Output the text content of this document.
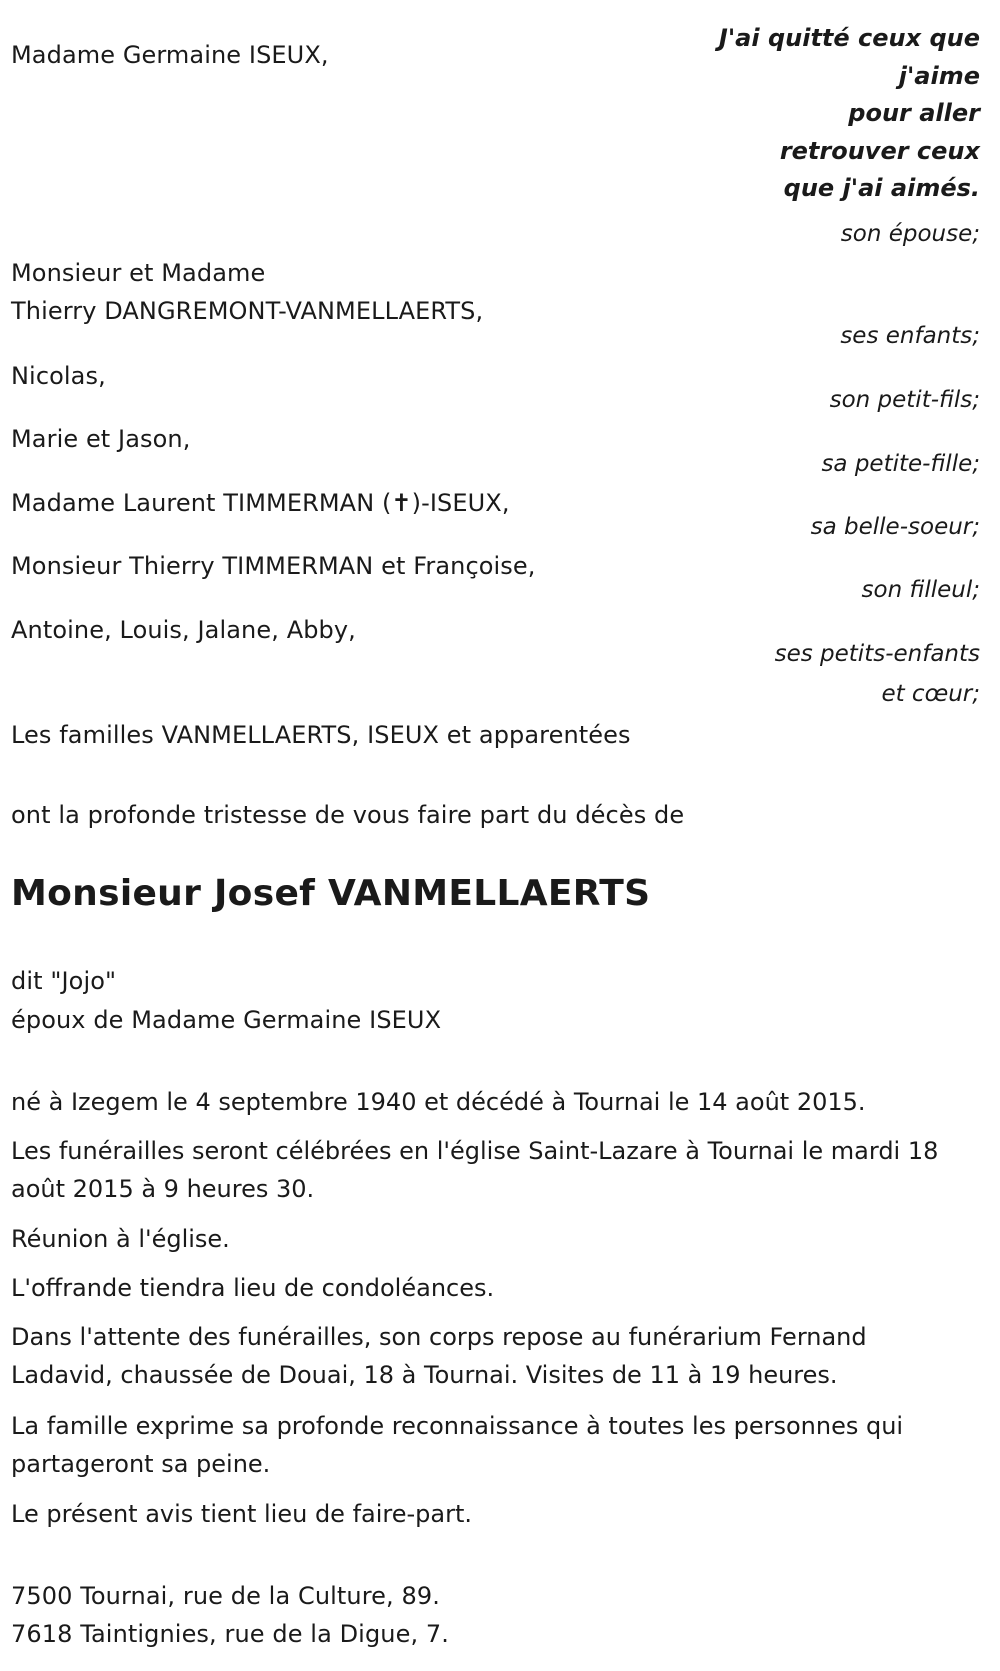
J'ai quitté ceux que
j'aime
pour aller
retrouver ceux
que j'ai aimés.
Madame Germaine ISEUX,
son épouse;
Monsieur et Madame
Thierry DANGREMONT-VANMELLAERTS,
ses enfants;
Nicolas,
son petit-fils;
Marie et Jason,
sa petite-fille;
Madame Laurent TIMMERMAN (✝)-ISEUX,
sa belle-soeur;
Monsieur Thierry TIMMERMAN et Françoise,
son filleul;
Antoine, Louis, Jalane, Abby,
ses petits-enfants
et cœur;
Les familles VANMELLAERTS, ISEUX et apparentées
ont la profonde tristesse de vous faire part du décès de
Monsieur Josef VANMELLAERTS
dit "Jojo"
époux de Madame Germaine ISEUX
né à Izegem le 4 septembre 1940 et décédé à Tournai le 14 août 2015.
Les funérailles seront célébrées en l'église Saint-Lazare à Tournai le mardi 18 août 2015 à 9 heures 30.
Réunion à l'église.
L'offrande tiendra lieu de condoléances.
Dans l'attente des funérailles, son corps repose au funérarium Fernand Ladavid, chaussée de Douai, 18 à Tournai. Visites de 11 à 19 heures.
La famille exprime sa profonde reconnaissance à toutes les personnes qui partageront sa peine.
Le présent avis tient lieu de faire-part.
7500 Tournai, rue de la Culture, 89.
7618 Taintignies, rue de la Digue, 7.
